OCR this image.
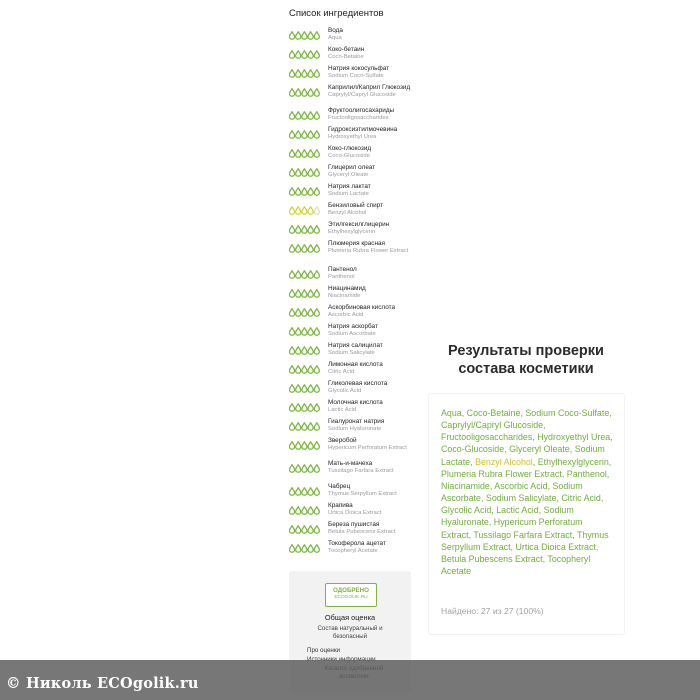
Список ингредиентов
Вода
Aqua
Коко-бетаин
Coco-Betaine
Натрия кокосульфат
Sodium Coco-Sulfate
Каприлил/Каприл Глюкозид
Caprylyl/Capryl Glucoside
Фруктоолигосахариды
Fructooligosaccharides
Гидроксиэтилмочевина
Hydroxyethyl Urea
Коко-глюкозид
Coco-Glucoside
Глицерил олеат
Glyceryl Oleate
Натрия лактат
Sodium Lactate
Бензиловый спирт
Benzyl Alcohol
Этилгексилглицерин
Ethylhexylglycerin
Плюмерия красная
Plumeria Rubra Flower Extract
Пантенол
Panthenol
Ниацинамид
Niacinamide
Аскорбиновая кислота
Ascorbic Acid
Натрия аскорбат
Sodium Ascorbate
Натрия салицилат
Sodium Salicylate
Лимонная кислота
Citric Acid
Гликолевая кислота
Glycolic Acid
Молочная кислота
Lactic Acid
Гиалуронат натрия
Sodium Hyaluronate
Зверобой
Hypericum Perforatum Extract
Мать-и-мачеха
Tussilago Farfara Extract
Чабрец
Thymus Serpyllum Extract
Крапива
Urtica Dioica Extract
Береза пушистая
Betula Pubescens Extract
Токоферола ацетат
Tocopheryl Acetate
ОДОБРЕНО
ECOGOLIK.RU
Общая оценка
Состав натуральный и безопасный
Про оценки
Результаты проверки состава косметики
Aqua, Coco-Betaine, Sodium Coco-Sulfate, Caprylyl/Capryl Glucoside, Fructooligosaccharides, Hydroxyethyl Urea, Coco-Glucoside, Glyceryl Oleate, Sodium Lactate, Benzyl Alcohol, Ethylhexylglycerin, Plumeria Rubra Flower Extract, Panthenol, Niacinamide, Ascorbic Acid, Sodium Ascorbate, Sodium Salicylate, Citric Acid, Glycolic Acid, Lactic Acid, Sodium Hyaluronate, Hypericum Perforatum Extract, Tussilago Farfara Extract, Thymus Serpyllum Extract, Urtica Dioica Extract, Betula Pubescens Extract, Tocopheryl Acetate
Найдено: 27 из 27 (100%)
© Николь ECOgolik.ru
